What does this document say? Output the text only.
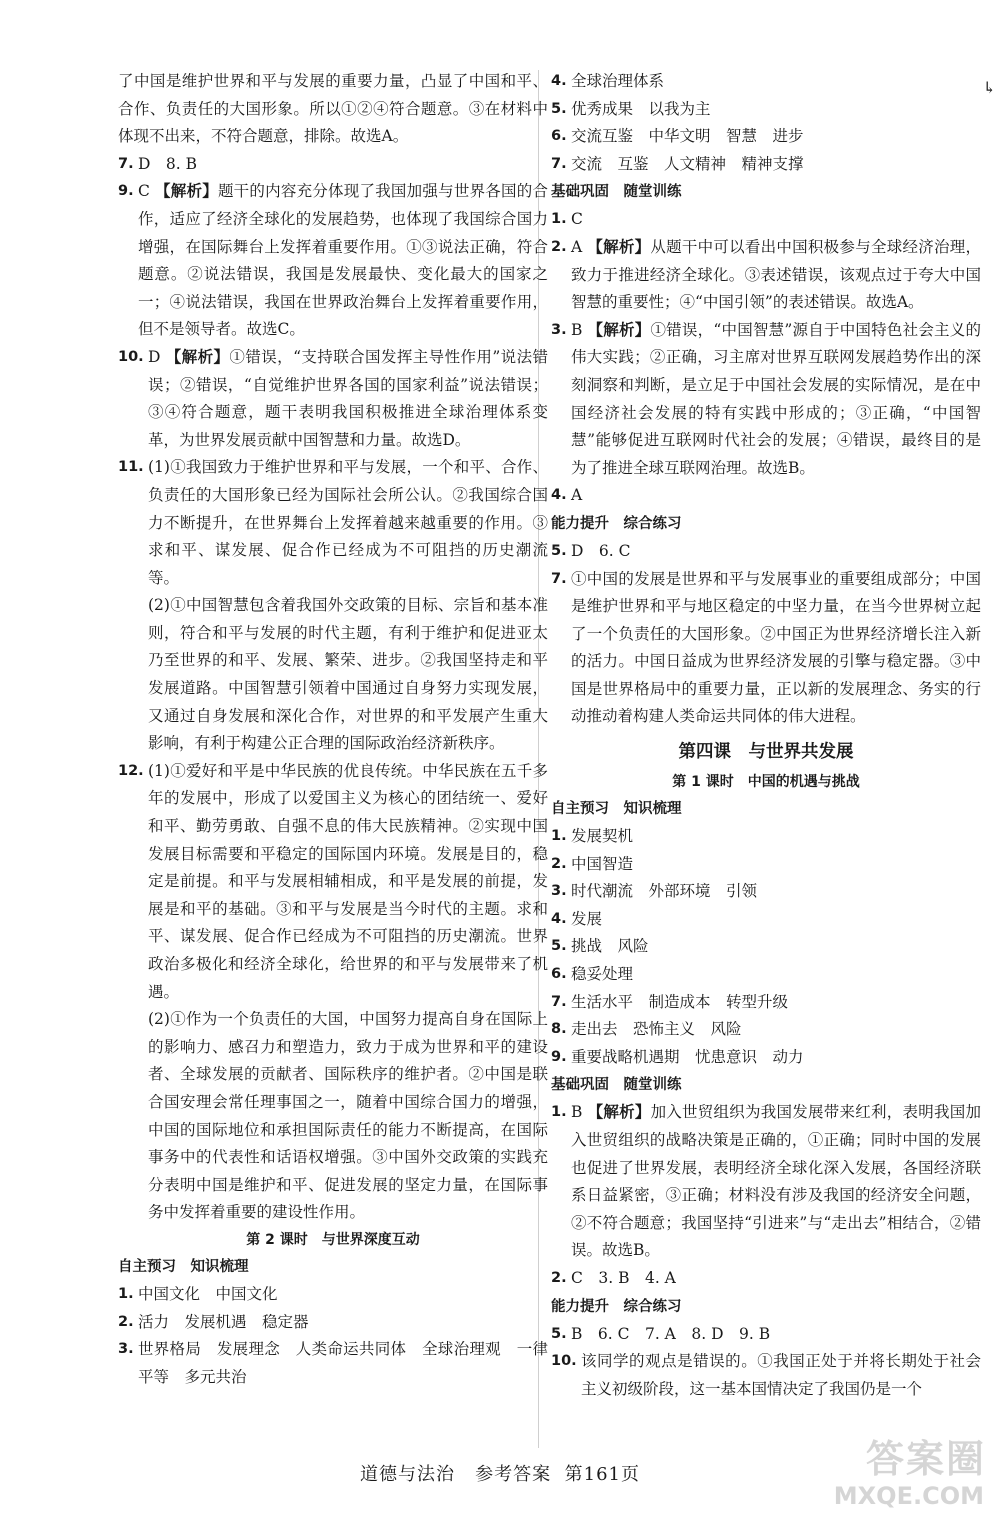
↳
了中国是维护世界和平与发展的重要力量，凸显了中国和平、合作、负责任的大国形象。所以①②④符合题意。③在材料中体现不出来，不符合题意，排除。故选A。
7. D　8. B
9. C 【解析】题干的内容充分体现了我国加强与世界各国的合作，适应了经济全球化的发展趋势，也体现了我国综合国力增强，在国际舞台上发挥着重要作用。①③说法正确，符合题意。②说法错误，我国是发展最快、变化最大的国家之一；④说法错误，我国在世界政治舞台上发挥着重要作用，但不是领导者。故选C。
10. D 【解析】①错误，“支持联合国发挥主导性作用”说法错误；②错误，“自觉维护世界各国的国家利益”说法错误；③④符合题意，题干表明我国积极推进全球治理体系变革，为世界发展贡献中国智慧和力量。故选D。
11. (1)①我国致力于维护世界和平与发展，一个和平、合作、负责任的大国形象已经为国际社会所公认。②我国综合国力不断提升，在世界舞台上发挥着越来越重要的作用。③求和平、谋发展、促合作已经成为不可阻挡的历史潮流等。
(2)①中国智慧包含着我国外交政策的目标、宗旨和基本准则，符合和平与发展的时代主题，有利于维护和促进亚太乃至世界的和平、发展、繁荣、进步。②我国坚持走和平发展道路。中国智慧引领着中国通过自身努力实现发展，又通过自身发展和深化合作，对世界的和平发展产生重大影响，有利于构建公正合理的国际政治经济新秩序。
12. (1)①爱好和平是中华民族的优良传统。中华民族在五千多年的发展中，形成了以爱国主义为核心的团结统一、爱好和平、勤劳勇敢、自强不息的伟大民族精神。②实现中国发展目标需要和平稳定的国际国内环境。发展是目的，稳定是前提。和平与发展相辅相成，和平是发展的前提，发展是和平的基础。③和平与发展是当今时代的主题。求和平、谋发展、促合作已经成为不可阻挡的历史潮流。世界政治多极化和经济全球化，给世界的和平与发展带来了机遇。
(2)①作为一个负责任的大国，中国努力提高自身在国际上的影响力、感召力和塑造力，致力于成为世界和平的建设者、全球发展的贡献者、国际秩序的维护者。②中国是联合国安理会常任理事国之一，随着中国综合国力的增强，中国的国际地位和承担国际责任的能力不断提高，在国际事务中的代表性和话语权增强。③中国外交政策的实践充分表明中国是维护和平、促进发展的坚定力量，在国际事务中发挥着重要的建设性作用。
第 2 课时　与世界深度互动
自主预习　知识梳理
1. 中国文化　中国文化
2. 活力　发展机遇　稳定器
3. 世界格局　发展理念　人类命运共同体　全球治理观　一律平等　多元共治
4. 全球治理体系
5. 优秀成果　以我为主
6. 交流互鉴　中华文明　智慧　进步
7. 交流　互鉴　人文精神　精神支撑
基础巩固　随堂训练
1. C
2. A 【解析】从题干中可以看出中国积极参与全球经济治理，致力于推进经济全球化。③表述错误，该观点过于夸大中国智慧的重要性；④“中国引领”的表述错误。故选A。
3. B 【解析】①错误，“中国智慧”源自于中国特色社会主义的伟大实践；②正确，习主席对世界互联网发展趋势作出的深刻洞察和判断，是立足于中国社会发展的实际情况，是在中国经济社会发展的特有实践中形成的；③正确，“中国智慧”能够促进互联网时代社会的发展；④错误，最终目的是为了推进全球互联网治理。故选B。
4. A
能力提升　综合练习
5. D　6. C
7. ①中国的发展是世界和平与发展事业的重要组成部分；中国是维护世界和平与地区稳定的中坚力量，在当今世界树立起了一个负责任的大国形象。②中国正为世界经济增长注入新的活力。中国日益成为世界经济发展的引擎与稳定器。③中国是世界格局中的重要力量，正以新的发展理念、务实的行动推动着构建人类命运共同体的伟大进程。
第四课　与世界共发展
第 1 课时　中国的机遇与挑战
自主预习　知识梳理
1. 发展契机
2. 中国智造
3. 时代潮流　外部环境　引领
4. 发展
5. 挑战　风险
6. 稳妥处理
7. 生活水平　制造成本　转型升级
8. 走出去　恐怖主义　风险
9. 重要战略机遇期　忧患意识　动力
基础巩固　随堂训练
1. B 【解析】加入世贸组织为我国发展带来红利，表明我国加入世贸组织的战略决策是正确的，①正确；同时中国的发展也促进了世界发展，表明经济全球化深入发展，各国经济联系日益紧密，③正确；材料没有涉及我国的经济安全问题，②不符合题意；我国坚持“引进来”与“走出去”相结合，②错误。故选B。
2. C　3. B　4. A
能力提升　综合练习
5. B　6. C　7. A　8. D　9. B
10. 该同学的观点是错误的。①我国正处于并将长期处于社会主义初级阶段，这一基本国情决定了我国仍是一个
道德与法治 参考答案 第161页	答案圈
MXQE.COM
